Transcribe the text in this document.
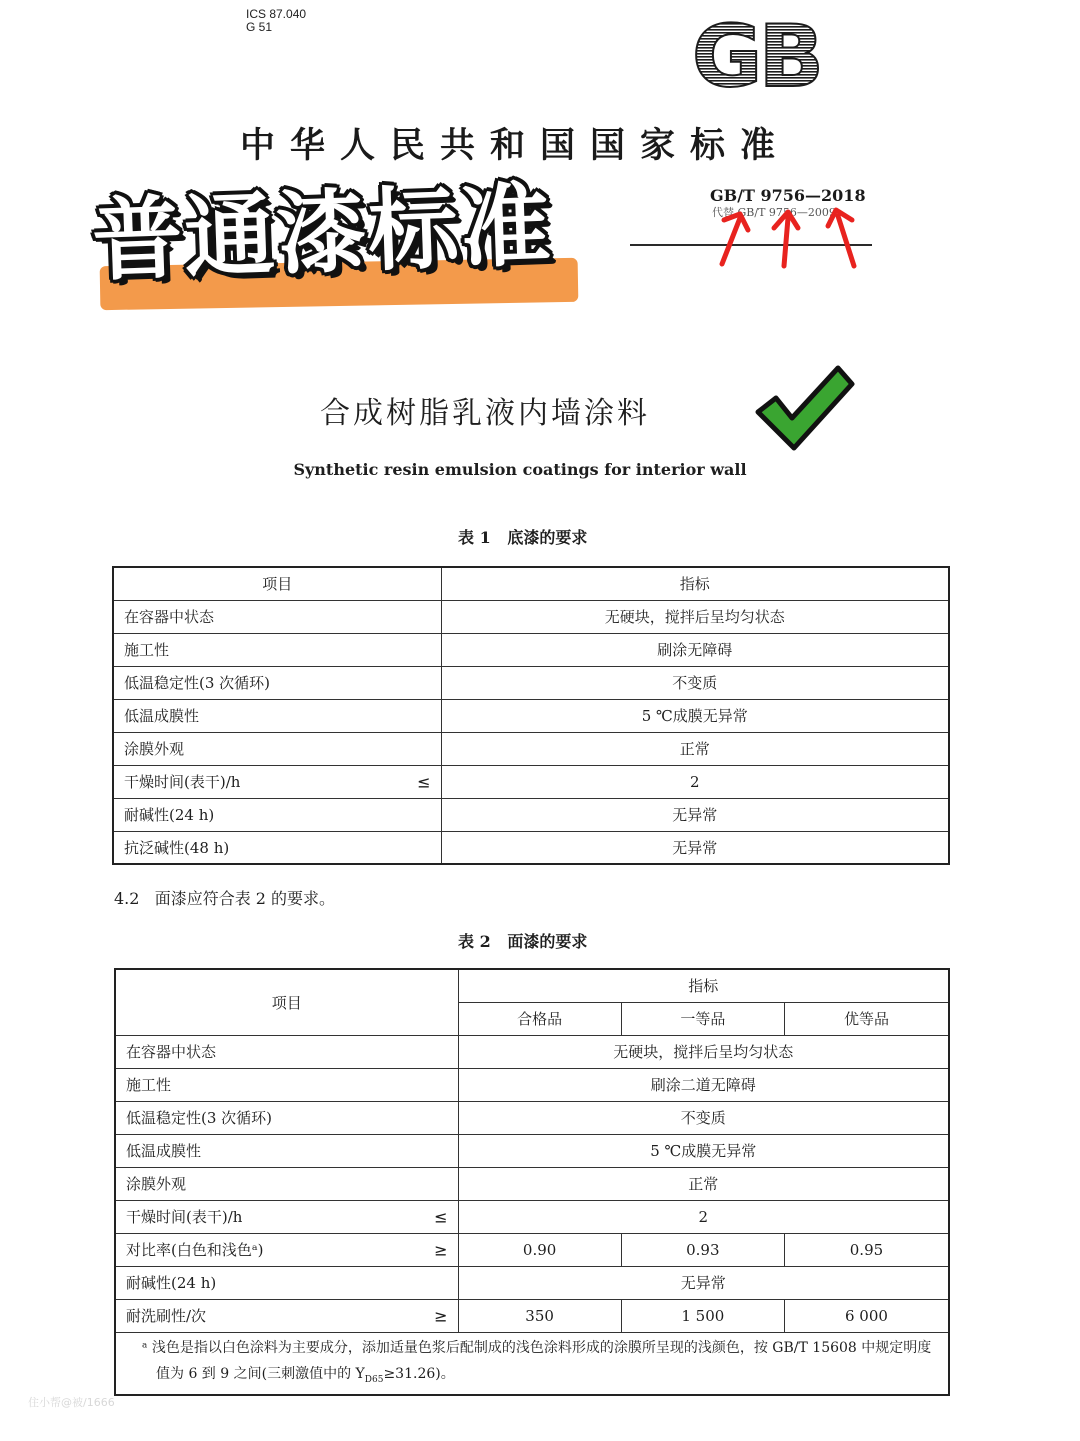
ICS 87.040
G 51	GB
中华人民共和国国家标准
GB/T 9756—2018
代替 GB/T 9756—2009
普通漆标准
合成树脂乳液内墙涂料
Synthetic resin emulsion coatings for interior wall
表 1   底漆的要求
项目	指标
在容器中状态	无硬块，搅拌后呈均匀状态
施工性	刷涂无障碍
低温稳定性(3 次循环)	不变质
低温成膜性	5 ℃成膜无异常
涂膜外观	正常
干燥时间(表干)/h ≤	2
耐碱性(24 h)	无异常
抗泛碱性(48 h)	无异常
4.2   面漆应符合表 2 的要求。
表 2   面漆的要求
项目	指标		
	合格品	一等品	优等品
在容器中状态	无硬块，搅拌后呈均匀状态		
施工性	刷涂二道无障碍		
低温稳定性(3 次循环)	不变质		
低温成膜性	5 ℃成膜无异常		
涂膜外观	正常		
干燥时间(表干)/h ≤	2		
对比率(白色和浅色ᵃ) ≥	0.90	0.93	0.95
耐碱性(24 h)	无异常		
耐洗刷性/次 ≥	350	1 500	6 000
ᵃ 浅色是指以白色涂料为主要成分，添加适量色浆后配制成的浅色涂料形成的涂膜所呈现的浅颜色，按 GB/T 15608 中规定明度值为 6 到 9 之间(三刺激值中的 $Y_{D65}\ge 31.26$)。			
住小帮@被/1666
